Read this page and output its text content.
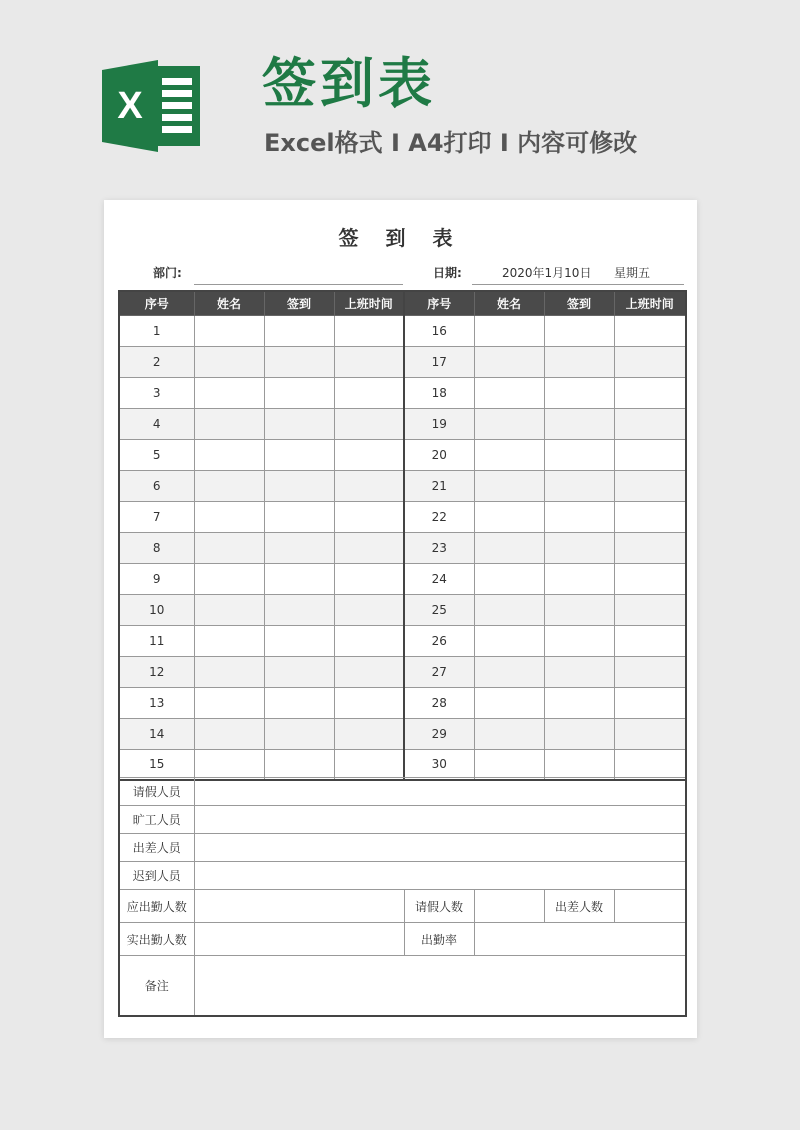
X 签到表
Excel格式 I A4打印 I 内容可修改
签 到 表
部门:	日期:	2020年1月10日 星期五
序号	姓名	签到	上班时间	序号	姓名	签到	上班时间
1				16			
2				17			
3				18			
4				19			
5				20			
6				21			
7				22			
8				23			
9				24			
10				25			
11				26			
12				27			
13				28			
14				29			
15				30			
请假人员					
旷工人员					
出差人员					
迟到人员					
应出勤人数		请假人数		出差人数	
实出勤人数		出勤率			
备注					
